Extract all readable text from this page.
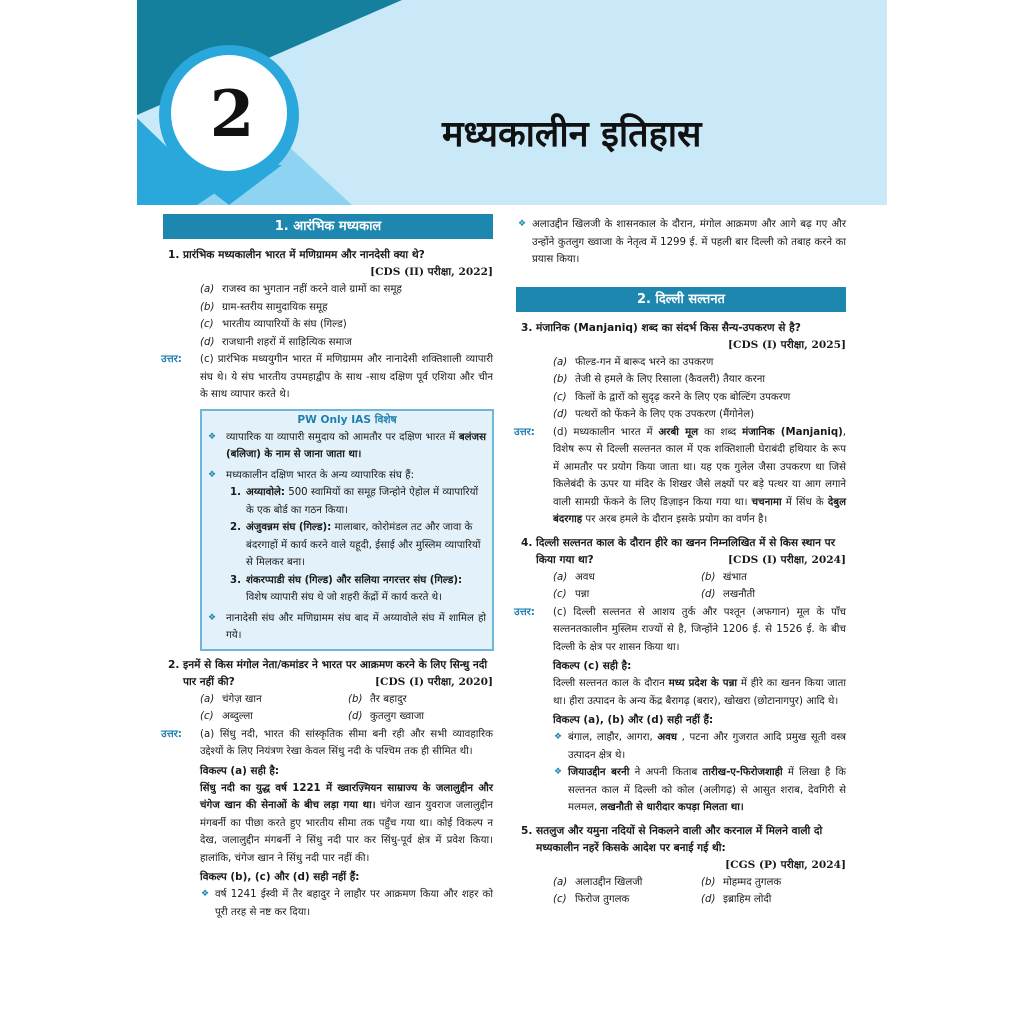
2	मध्यकालीन इतिहास
1. आरंभिक मध्यकाल
1. प्रारंभिक मध्यकालीन भारत में मणिग्रामम और नानदेसी क्या थे?
[CDS (II) परीक्षा, 2022]
(a) राजस्व का भुगतान नहीं करने वाले ग्रामों का समूह
(b) ग्राम-स्तरीय सामुदायिक समूह
(c) भारतीय व्यापारियों के संघ (गिल्ड)
(d) राजधानी शहरों में साहित्यिक समाज
उत्तर: (c) प्रारंभिक मध्ययुगीन भारत में मणिग्रामम और नानादेसी शक्तिशाली व्यापारी संघ थे। ये संघ भारतीय उपमहाद्वीप के साथ -साथ दक्षिण पूर्व एशिया और चीन के साथ व्यापार करते थे।
PW Only IAS विशेष
❖ व्यापारिक या व्यापारी समुदाय को आमतौर पर दक्षिण भारत में बलंजस (बलिजा) के नाम से जाना जाता था।
❖ मध्यकालीन दक्षिण भारत के अन्य व्यापारिक संघ हैं:
1. अय्यावोले: 500 स्वामियों का समूह जिन्होने ऐहोल में व्यापारियों के एक बोर्ड का गठन किया।
2. अंजुवन्नम संघ (गिल्ड): मालाबार, कोरोमंडल तट और जावा के बंदरगाहों में कार्य करने वाले यहूदी, ईसाई और मुस्लिम व्यापारियों से मिलकर बना।
3. शंकरप्पाडी संघ (गिल्ड) और सलिया नगरत्तर संघ (गिल्ड): विशेष व्यापारी संघ थे जो शहरी केंद्रों में कार्य करते थे।
❖ नानादेसी संघ और मणिग्रामम संघ बाद में अय्यावोले संघ में शामिल हो गये।
2. इनमें से किस मंगोल नेता/कमांडर ने भारत पर आक्रमण करने के लिए सिन्धु नदी पार नहीं की?	[CDS (I) परीक्षा, 2020]
(a) चंगेज़ खान	(b) तैर बहादुर
(c) अब्दुल्ला	(d) कुतलुग ख्वाजा
उत्तर: (a) सिंधु नदी, भारत की सांस्कृतिक सीमा बनी रही और सभी व्यावहारिक उद्देश्यों के लिए नियंत्रण रेखा केवल सिंधु नदी के पश्चिम तक ही सीमित थी।
विकल्प (a) सही है:
सिंधु नदी का युद्ध वर्ष 1221 में ख्वारज़्मियन साम्राज्य के जलालुद्दीन और चंगेज खान की सेनाओं के बीच लड़ा गया था। चंगेज खान युवराज जलालुद्दीन मंगबर्नी का पीछा करते हुए भारतीय सीमा तक पहुँच गया था। कोई विकल्प न देख, जलालुद्दीन मंगबर्नी ने सिंधु नदी पार कर सिंधु-पूर्व क्षेत्र में प्रवेश किया। हालांकि, चंगेज खान ने सिंधु नदी पार नहीं की।
विकल्प (b), (c) और (d) सही नहीं हैं:
❖ वर्ष 1241 ईस्वी में तैर बहादुर ने लाहौर पर आक्रमण किया और शहर को पूरी तरह से नष्ट कर दिया।
❖ अलाउद्दीन खिलजी के शासनकाल के दौरान, मंगोल आक्रमण और आगे बढ़ गए और उन्होंने कुतलुग ख्वाजा के नेतृत्व में 1299 ई. में पहली बार दिल्ली को तबाह करने का प्रयास किया।
2. दिल्ली सल्तनत
3. मंजानिक (Manjaniq) शब्द का संदर्भ किस सैन्य-उपकरण से है?
[CDS (I) परीक्षा, 2025]
(a) फील्ड-गन में बारूद भरने का उपकरण
(b) तेजी से हमले के लिए रिसाला (कैवलरी) तैयार करना
(c) किलों के द्वारों को सुदृढ़ करने के लिए एक बोल्टिंग उपकरण
(d) पत्थरों को फेंकने के लिए एक उपकरण (मैंगोनेल)
उत्तर: (d) मध्यकालीन भारत में अरबी मूल का शब्द मंजानिक (Manjaniq), विशेष रूप से दिल्ली सल्तनत काल में एक शक्तिशाली घेराबंदी हथियार के रूप में आमतौर पर प्रयोग किया जाता था। यह एक गुलेल जैसा उपकरण था जिसे किलेबंदी के ऊपर या मंदिर के शिखर जैसे लक्ष्यों पर बड़े पत्थर या आग लगाने वाली सामग्री फेंकने के लिए डिज़ाइन किया गया था। चचनामा में सिंध के देबुल बंदरगाह पर अरब हमले के दौरान इसके प्रयोग का वर्णन है।
4. दिल्ली सल्तनत काल के दौरान हीरे का खनन निम्नलिखित में से किस स्थान पर किया गया था?	[CDS (I) परीक्षा, 2024]
(a) अवध	(b) खंभात
(c) पन्ना	(d) लखनौती
उत्तर: (c) दिल्ली सल्तनत से आशय तुर्क और पश्तून (अफगान) मूल के पाँच सल्तनतकालीन मुस्लिम राज्यों से है, जिन्होंने 1206 ई. से 1526 ई. के बीच दिल्ली के क्षेत्र पर शासन किया था।
विकल्प (c) सही है:
दिल्ली सल्तनत काल के दौरान मध्य प्रदेश के पन्ना में हीरे का खनन किया जाता था। हीरा उत्पादन के अन्य केंद्र बैरागढ़ (बरार), खोखरा (छोटानागपुर) आदि थे।
विकल्प (a), (b) और (d) सही नहीं हैं:
❖ बंगाल, लाहौर, आगरा, अवध , पटना और गुजरात आदि प्रमुख सूती वस्त्र उत्पादन क्षेत्र थे।
❖ जियाउद्दीन बरनी ने अपनी किताब तारीख-ए-फिरोजशाही में लिखा है कि सल्तनत काल में दिल्ली को कोल (अलीगढ़) से आसुत शराब, देवगिरी से मलमल, लखनौती से धारीदार कपड़ा मिलता था।
5. सतलुज और यमुना नदियों से निकलने वाली और करनाल में मिलने वाली दो मध्यकालीन नहरें किसके आदेश पर बनाई गई थी:
[CGS (P) परीक्षा, 2024]
(a) अलाउद्दीन खिलजी	(b) मोहम्मद तुगलक
(c) फिरोज तुगलक	(d) इब्राहिम लोदी
